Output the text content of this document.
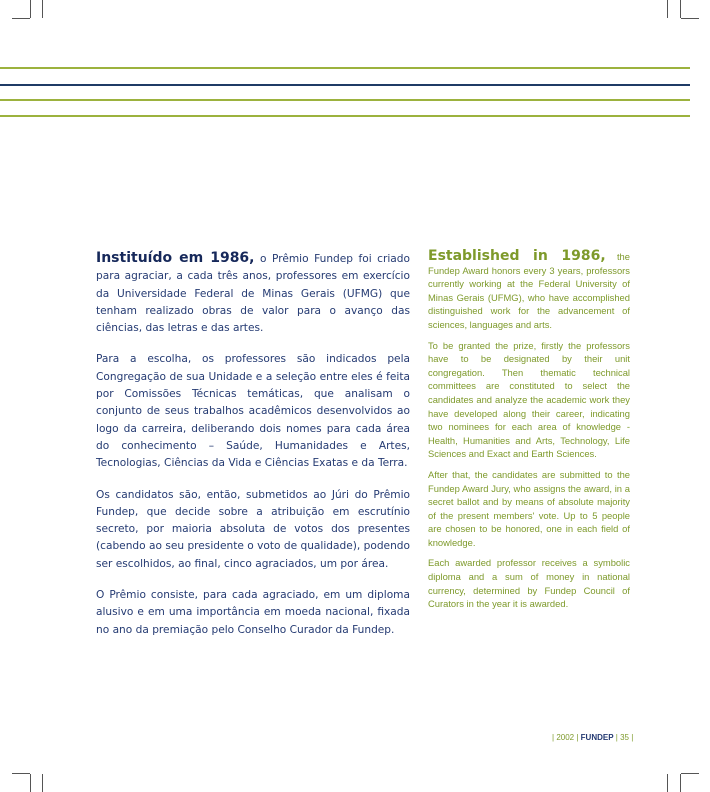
Instituído em 1986, o Prêmio Fundep foi criado para agraciar, a cada três anos, professores em exercício da Universidade Federal de Minas Gerais (UFMG) que tenham realizado obras de valor para o avanço das ciências, das letras e das artes.

Para a escolha, os professores são indicados pela Congregação de sua Unidade e a seleção entre eles é feita por Comissões Técnicas temáticas, que analisam o conjunto de seus trabalhos acadêmicos desenvolvidos ao logo da carreira, deliberando dois nomes para cada área do conhecimento – Saúde, Humanidades e Artes, Tecnologias, Ciências da Vida e Ciências Exatas e da Terra.

Os candidatos são, então, submetidos ao Júri do Prêmio Fundep, que decide sobre a atribuição em escrutínio secreto, por maioria absoluta de votos dos presentes (cabendo ao seu presidente o voto de qualidade), podendo ser escolhidos, ao final, cinco agraciados, um por área.

O Prêmio consiste, para cada agraciado, em um diploma alusivo e em uma importância em moeda nacional, fixada no ano da premiação pelo Conselho Curador da Fundep.

Established in 1986, the Fundep Award honors every 3 years, professors currently working at the Federal University of Minas Gerais (UFMG), who have accomplished distinguished work for the advancement of sciences, languages and arts.

To be granted the prize, firstly the professors have to be designated by their unit congregation. Then thematic technical committees are constituted to select the candidates and analyze the academic work they have developed along their career, indicating two nominees for each area of knowledge - Health, Humanities and Arts, Technology, Life Sciences and Exact and Earth Sciences.

After that, the candidates are submitted to the Fundep Award Jury, who assigns the award, in a secret ballot and by means of absolute majority of the present members' vote. Up to 5 people are chosen to be honored, one in each field of knowledge.

Each awarded professor receives a symbolic diploma and a sum of money in national currency, determined by Fundep Council of Curators in the year it is awarded.

| 2002 | FUNDEP | 35 |
